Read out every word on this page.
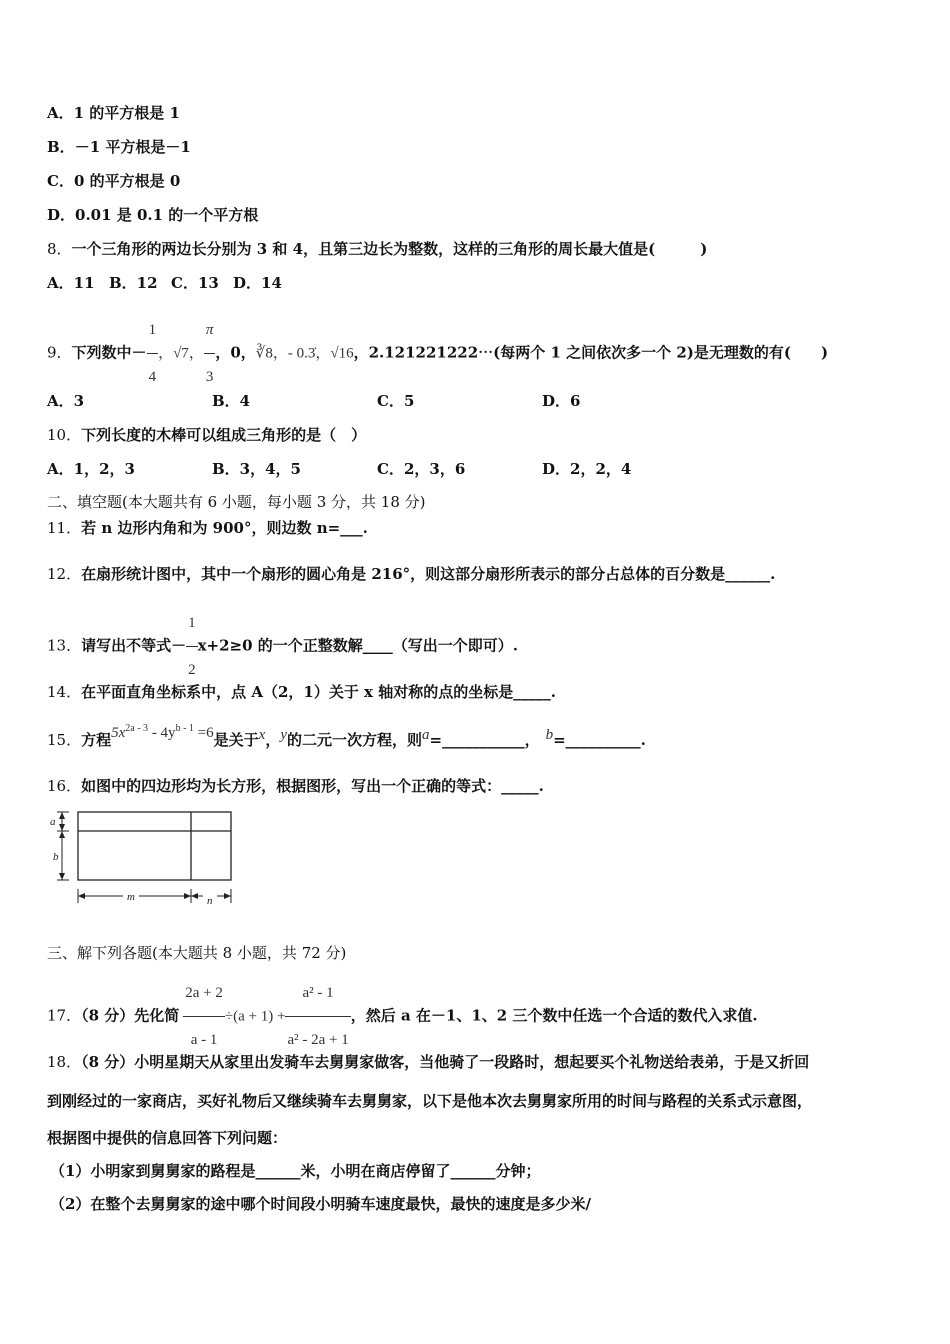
A．1 的平方根是 1
B．－1 平方根是－1
C．0 的平方根是 0
D．0.01 是 0.1 的一个平方根
8．一个三角形的两边长分别为 3 和 4，且第三边长为整数，这样的三角形的周长最大值是(　　　)
A．11 B．12 C．13 D．14
9．下列数中－ $\frac{1}{4}$ ，√7， $\frac{\pi}{3}$ ，0，∛8，- 0.3̇，√16，2.121221222⋯(每两个 1 之间依次多一个 2)是无理数的有(　　)
A．3	B．4	C．5	D．6
10．下列长度的木棒可以组成三角形的是（　）
A．1，2，3	B．3，4，5	C．2，3，6	D．2，2，4
二、填空题(本大题共有 6 小题，每小题 3 分，共 18 分)
11．若 n 边形内角和为 900°，则边数 n=___.
12．在扇形统计图中，其中一个扇形的圆心角是 216°，则这部分扇形所表示的部分占总体的百分数是______.
13．请写出不等式－ $\frac{1}{2} x+2\ge 0$ 的一个正整数解____（写出一个即可）.
14．在平面直角坐标系中，点 A（2，1）关于 x 轴对称的点的坐标是_____.
15．方程$5x^{2a - 3} - 4y^{b - 1} =6$是关于x，y的二元一次方程，则a=___________， b=__________.
16．如图中的四边形均为长方形，根据图形，写出一个正确的等式：_____.
a
b
m	n
三、解下列各题(本大题共 8 小题，共 72 分)
17．（8 分）先化简 $\frac{2a + 2}{a - 1} \div(a + 1) + \frac{\text{a² - 1}}{\text{a² - 2a + 1}}$ ，然后 a 在－1、1、2 三个数中任选一个合适的数代入求值.
18．（8 分）小明星期天从家里出发骑车去舅舅家做客，当他骑了一段路时，想起要买个礼物送给表弟，于是又折回
到刚经过的一家商店，买好礼物后又继续骑车去舅舅家，以下是他本次去舅舅家所用的时间与路程的关系式示意图，
根据图中提供的信息回答下列问题：
（1）小明家到舅舅家的路程是______米，小明在商店停留了______分钟；
（2）在整个去舅舅家的途中哪个时间段小明骑车速度最快，最快的速度是多少米/
